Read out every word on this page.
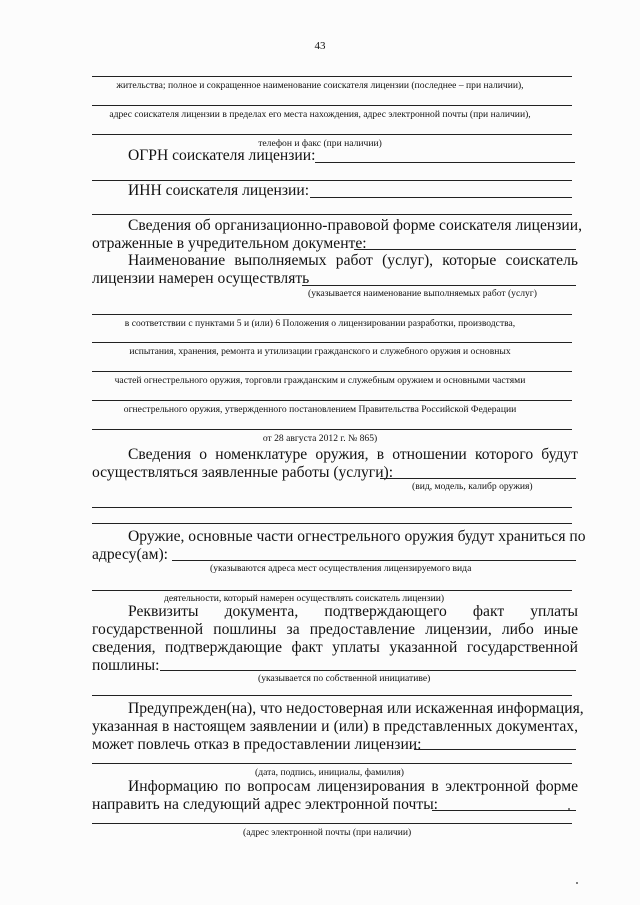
43
жительства; полное и сокращенное наименование соискателя лицензии (последнее – при наличии),
адрес соискателя лицензии в пределах его места нахождения, адрес электронной почты (при наличии),
телефон и факс (при наличии)
ОГРН соискателя лицензии:
ИНН соискателя лицензии:
Сведения об организационно-правовой форме соискателя лицензии,
отраженные в учредительном документе:
Наименование выполняемых работ (услуг), которые соискатель
лицензии намерен осуществлять
(указывается наименование выполняемых работ (услуг)
в соответствии с пунктами 5 и (или) 6 Положения о лицензировании разработки, производства,
испытания, хранения, ремонта и утилизации гражданского и служебного оружия и основных
частей огнестрельного оружия, торговли гражданским и служебным оружием и основными частями
огнестрельного оружия, утвержденного постановлением Правительства Российской Федерации
от 28 августа 2012 г. № 865)
Сведения о номенклатуре оружия, в отношении которого будут
осуществляться заявленные работы (услуги):
(вид, модель, калибр оружия)
Оружие, основные части огнестрельного оружия будут храниться по
адресу(ам):
(указываются адреса мест осуществления лицензируемого вида
деятельности, который намерен осуществлять соискатель лицензии)
Реквизиты документа, подтверждающего факт уплаты
государственной пошлины за предоставление лицензии, либо иные
сведения, подтверждающие факт уплаты указанной государственной
пошлины:
(указывается по собственной инициативе)
Предупрежден(на), что недостоверная или искаженная информация,
указанная в настоящем заявлении и (или) в представленных документах,
может повлечь отказ в предоставлении лицензии:
(дата, подпись, инициалы, фамилия)
Информацию по вопросам лицензирования в электронной форме
направить на следующий адрес электронной почты:
(адрес электронной почты (при наличии)
